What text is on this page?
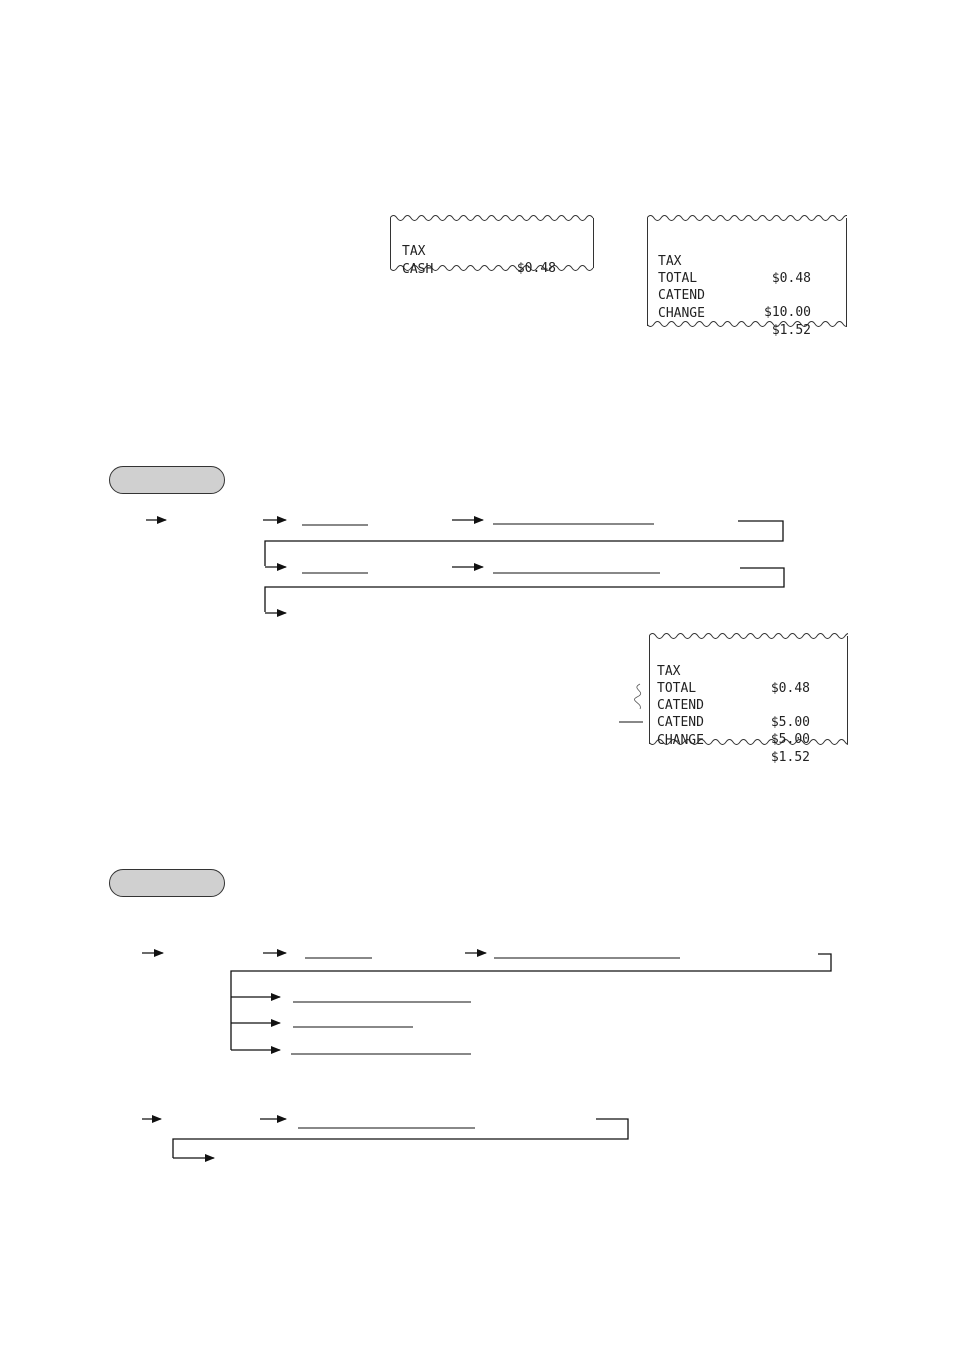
TAX

$0.48

CASH

TAX

$0.48

TOTAL

CATEND

$10.00

CHANGE

$1.52

TAX

$0.48

TOTAL

CATEND

$5.00

CATEND

$5.00

CHANGE

$1.52
